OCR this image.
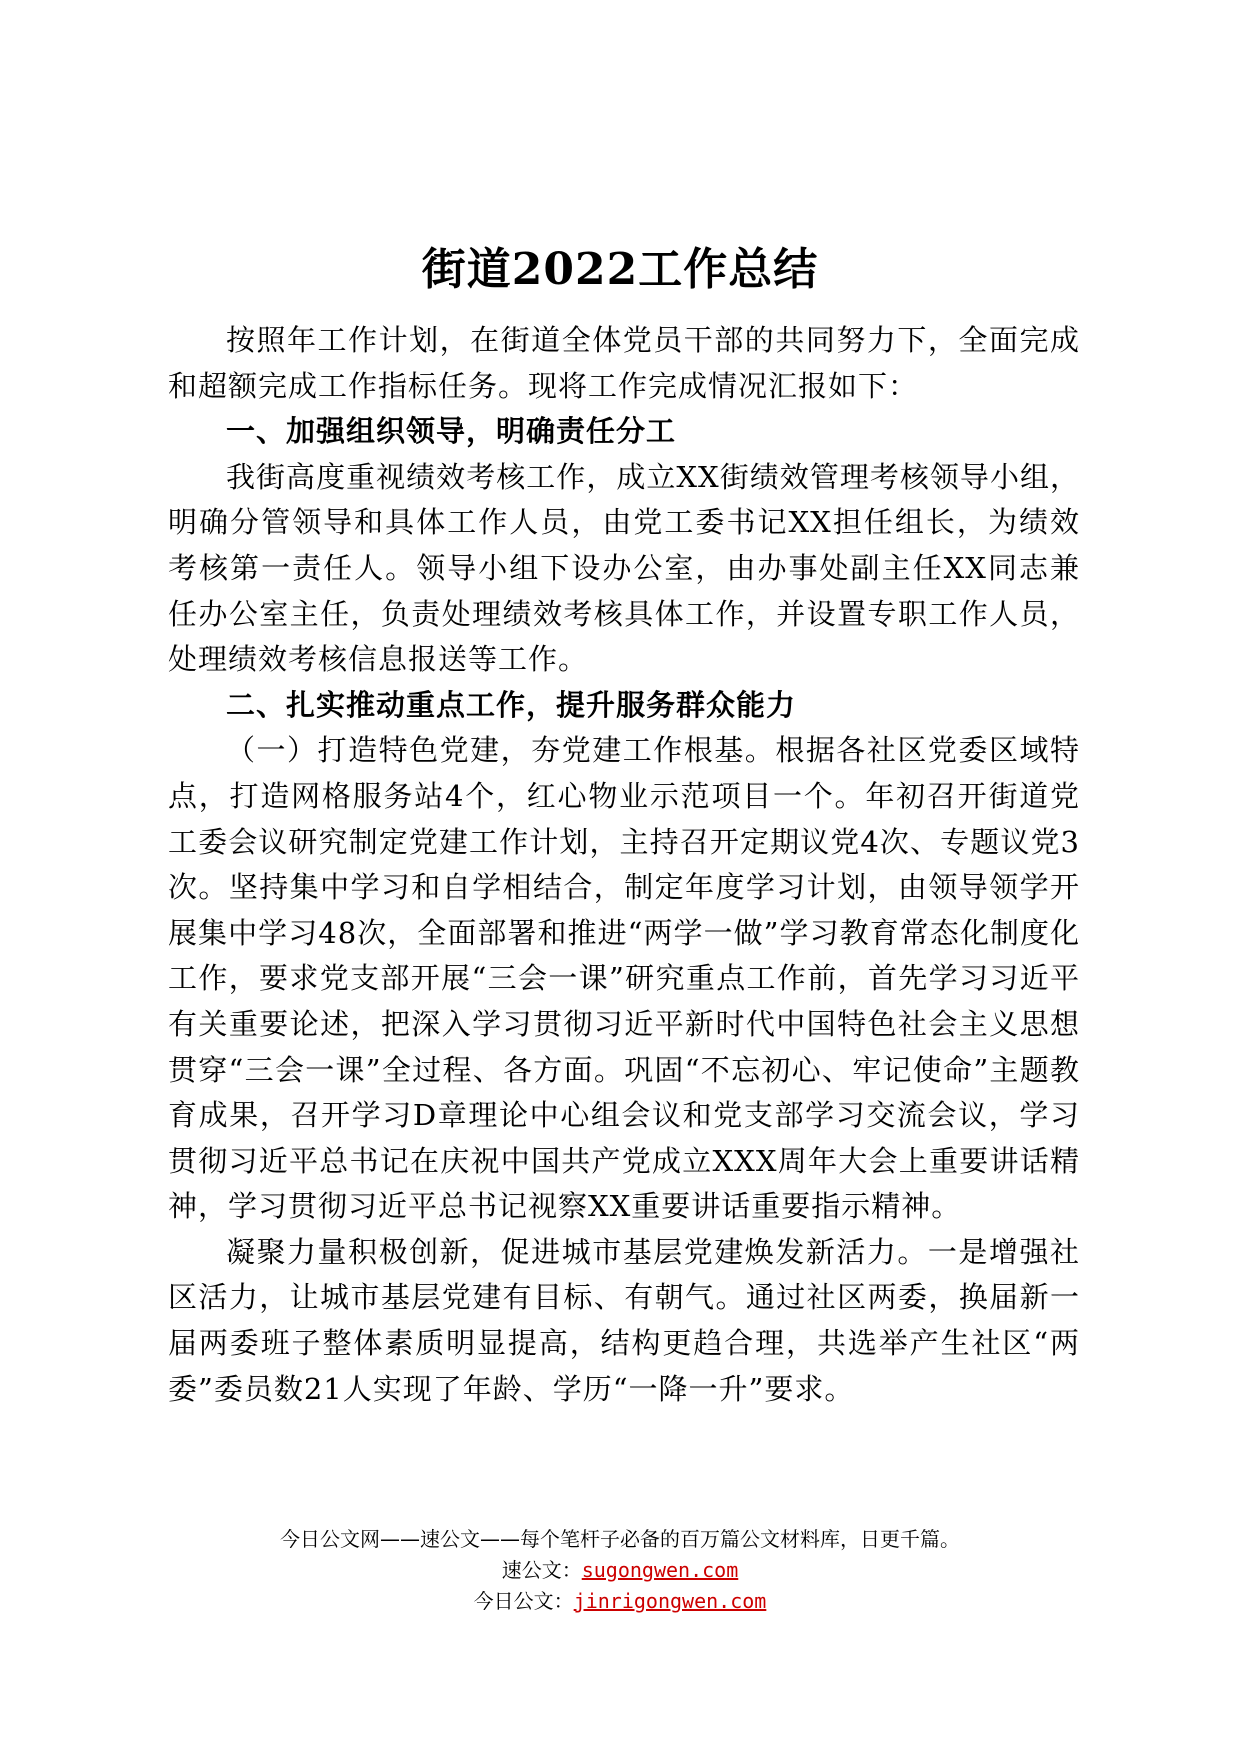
街道2022工作总结

按照年工作计划，在街道全体党员干部的共同努力下，全面完成和超额完成工作指标任务。现将工作完成情况汇报如下：

一、加强组织领导，明确责任分工

我街高度重视绩效考核工作，成立XX街绩效管理考核领导小组，明确分管领导和具体工作人员，由党工委书记XX担任组长，为绩效考核第一责任人。领导小组下设办公室，由办事处副主任XX同志兼任办公室主任，负责处理绩效考核具体工作，并设置专职工作人员，处理绩效考核信息报送等工作。

二、扎实推动重点工作，提升服务群众能力

（一）打造特色党建，夯党建工作根基。根据各社区党委区域特点，打造网格服务站4个，红心物业示范项目一个。年初召开街道党工委会议研究制定党建工作计划，主持召开定期议党4次、专题议党3次。坚持集中学习和自学相结合，制定年度学习计划，由领导领学开展集中学习48次，全面部署和推进“两学一做”学习教育常态化制度化工作，要求党支部开展“三会一课”研究重点工作前，首先学习习近平有关重要论述，把深入学习贯彻习近平新时代中国特色社会主义思想贯穿“三会一课”全过程、各方面。巩固“不忘初心、牢记使命”主题教育成果，召开学习D章理论中心组会议和党支部学习交流会议，学习贯彻习近平总书记在庆祝中国共产党成立XXX周年大会上重要讲话精神，学习贯彻习近平总书记视察XX重要讲话重要指示精神。

凝聚力量积极创新，促进城市基层党建焕发新活力。一是增强社区活力，让城市基层党建有目标、有朝气。通过社区两委，换届新一届两委班子整体素质明显提高，结构更趋合理，共选举产生社区“两委”委员数21人实现了年龄、学历“一降一升”要求。

今日公文网——速公文——每个笔杆子必备的百万篇公文材料库，日更千篇。
速公文：sugongwen.com
今日公文：jinrigongwen.com
